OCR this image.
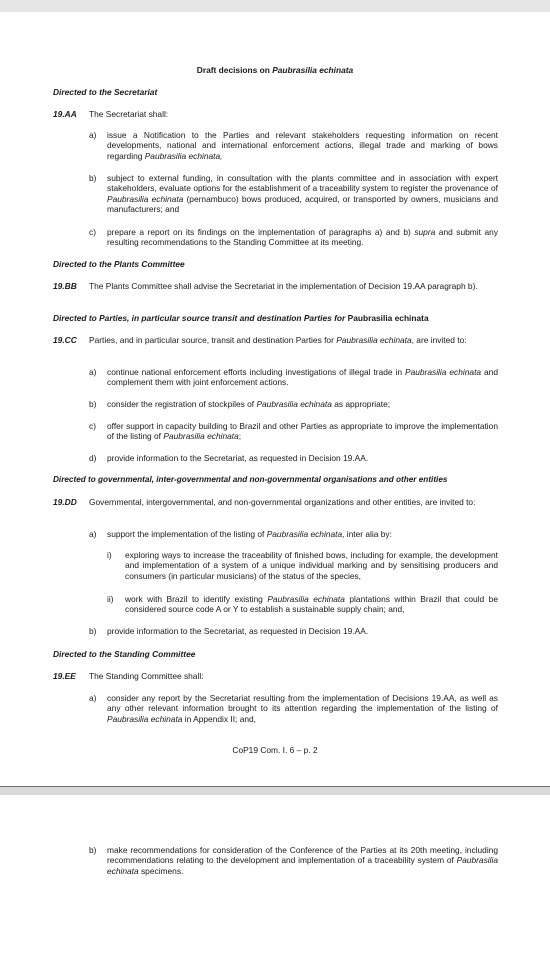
Draft decisions on Paubrasilia echinata
Directed to the Secretariat
19.AA The Secretariat shall:
a) issue a Notification to the Parties and relevant stakeholders requesting information on recent developments, national and international enforcement actions, illegal trade and marking of bows regarding Paubrasilia echinata,
b) subject to external funding, in consultation with the plants committee and in association with expert stakeholders, evaluate options for the establishment of a traceability system to register the provenance of Paubrasilia echinata (pernambuco) bows produced, acquired, or transported by owners, musicians and manufacturers; and
c) prepare a report on its findings on the implementation of paragraphs a) and b) supra and submit any resulting recommendations to the Standing Committee at its meeting.
Directed to the Plants Committee
19.BB The Plants Committee shall advise the Secretariat in the implementation of Decision 19.AA paragraph b).
Directed to Parties, in particular source transit and destination Parties for Paubrasilia echinata
19.CC Parties, and in particular source, transit and destination Parties for Paubrasilia echinata, are invited to:
a) continue national enforcement efforts including investigations of illegal trade in Paubrasilia echinata and complement them with joint enforcement actions.
b) consider the registration of stockpiles of Paubrasilia echinata as appropriate;
c) offer support in capacity building to Brazil and other Parties as appropriate to improve the implementation of the listing of Paubrasilia echinata;
d) provide information to the Secretariat, as requested in Decision 19.AA.
Directed to governmental, inter-governmental and non-governmental organisations and other entities
19.DD Governmental, intergovernmental, and non-governmental organizations and other entities, are invited to:
a) support the implementation of the listing of Paubrasilia echinata, inter alia by:
i) exploring ways to increase the traceability of finished bows, including for example, the development and implementation of a system of a unique individual marking and by sensitising producers and consumers (in particular musicians) of the status of the species,
ii) work with Brazil to identify existing Paubrasilia echinata plantations within Brazil that could be considered source code A or Y to establish a sustainable supply chain; and,
b) provide information to the Secretariat, as requested in Decision 19.AA.
Directed to the Standing Committee
19.EE The Standing Committee shall:
a) consider any report by the Secretariat resulting from the implementation of Decisions 19.AA, as well as any other relevant information brought to its attention regarding the implementation of the listing of Paubrasilia echinata in Appendix II; and,
CoP19 Com. I. 6 – p. 2
b) make recommendations for consideration of the Conference of the Parties at its 20th meeting, including recommendations relating to the development and implementation of a traceability system of Paubrasilia echinata specimens.
